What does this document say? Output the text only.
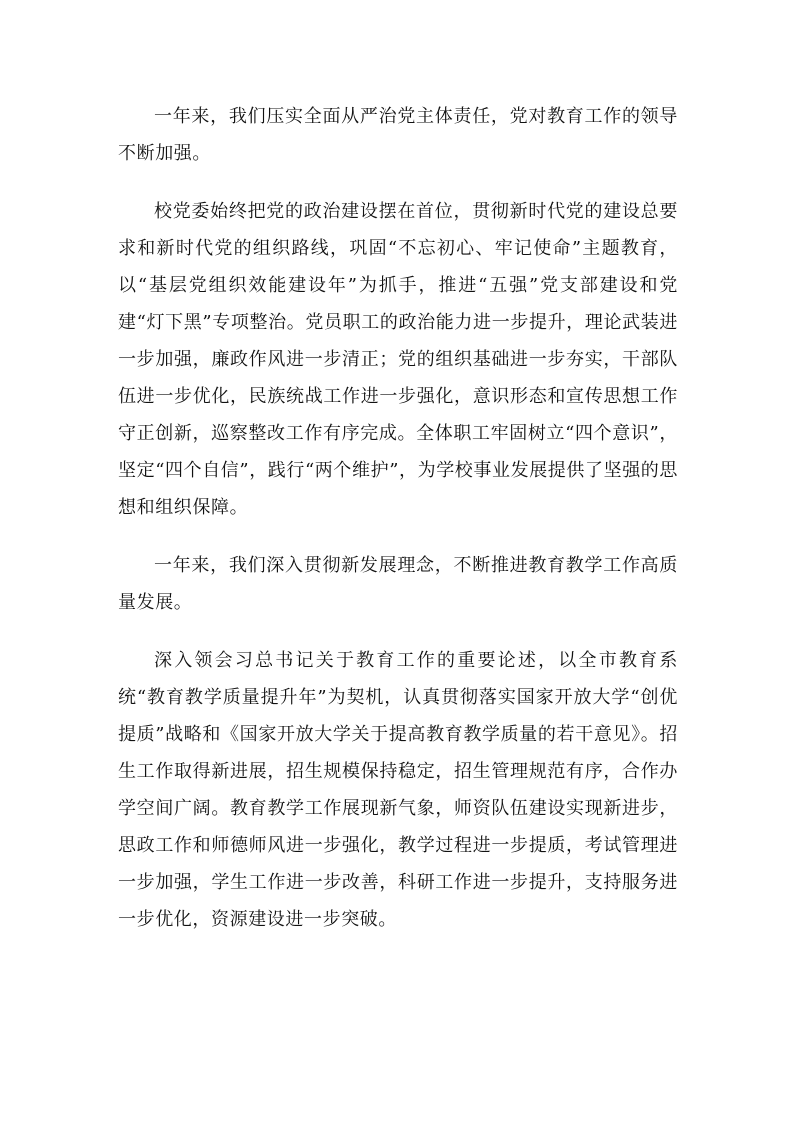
一年来，我们压实全面从严治党主体责任，党对教育工作的领导不断加强。

校党委始终把党的政治建设摆在首位，贯彻新时代党的建设总要求和新时代党的组织路线，巩固“不忘初心、牢记使命”主题教育，以“基层党组织效能建设年”为抓手，推进“五强”党支部建设和党建“灯下黑”专项整治。党员职工的政治能力进一步提升，理论武装进一步加强，廉政作风进一步清正；党的组织基础进一步夯实，干部队伍进一步优化，民族统战工作进一步强化，意识形态和宣传思想工作守正创新，巡察整改工作有序完成。全体职工牢固树立“四个意识”，坚定“四个自信”，践行“两个维护”，为学校事业发展提供了坚强的思想和组织保障。

一年来，我们深入贯彻新发展理念，不断推进教育教学工作高质量发展。

深入领会习总书记关于教育工作的重要论述，以全市教育系统“教育教学质量提升年”为契机，认真贯彻落实国家开放大学“创优提质”战略和《国家开放大学关于提高教育教学质量的若干意见》。招生工作取得新进展，招生规模保持稳定，招生管理规范有序，合作办学空间广阔。教育教学工作展现新气象，师资队伍建设实现新进步，思政工作和师德师风进一步强化，教学过程进一步提质，考试管理进一步加强，学生工作进一步改善，科研工作进一步提升，支持服务进一步优化，资源建设进一步突破。
